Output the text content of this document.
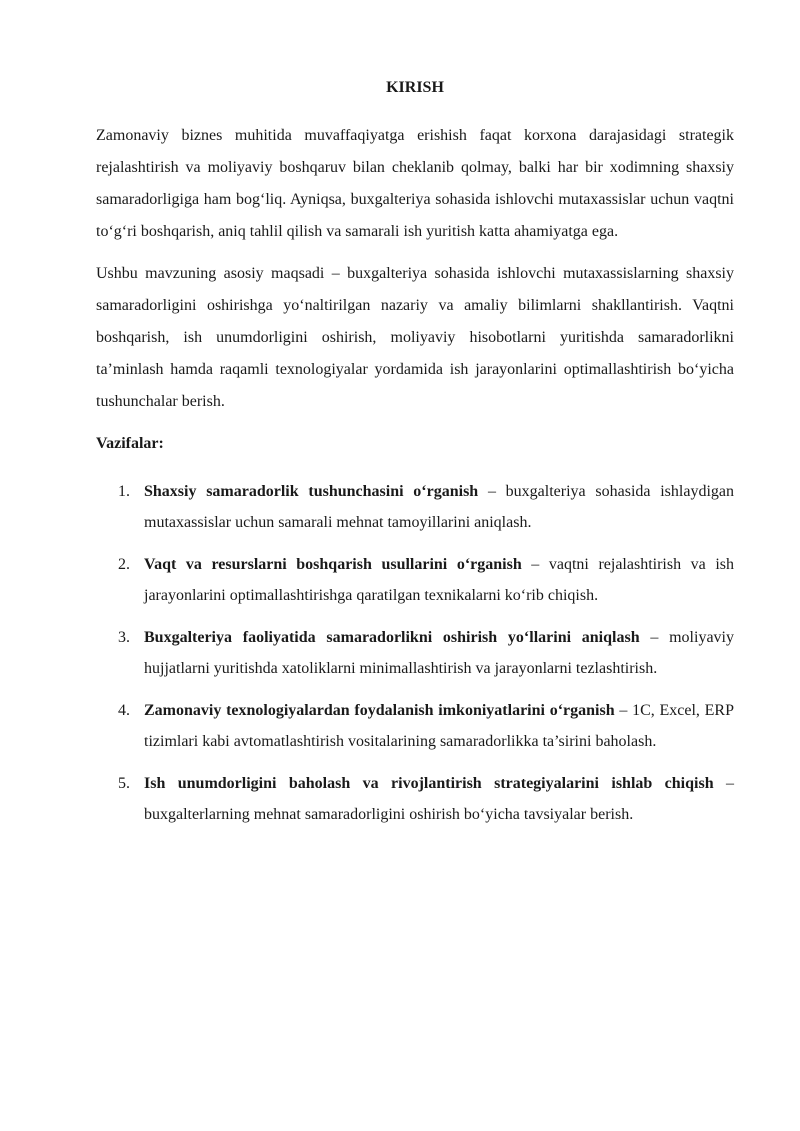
KIRISH

Zamonaviy biznes muhitida muvaffaqiyatga erishish faqat korxona darajasidagi strategik rejalashtirish va moliyaviy boshqaruv bilan cheklanib qolmay, balki har bir xodimning shaxsiy samaradorligiga ham bog‘liq. Ayniqsa, buxgalteriya sohasida ishlovchi mutaxassislar uchun vaqtni to‘g‘ri boshqarish, aniq tahlil qilish va samarali ish yuritish katta ahamiyatga ega.

Ushbu mavzuning asosiy maqsadi – buxgalteriya sohasida ishlovchi mutaxassislarning shaxsiy samaradorligini oshirishga yo‘naltirilgan nazariy va amaliy bilimlarni shakllantirish. Vaqtni boshqarish, ish unumdorligini oshirish, moliyaviy hisobotlarni yuritishda samaradorlikni ta’minlash hamda raqamli texnologiyalar yordamida ish jarayonlarini optimallashtirish bo‘yicha tushunchalar berish.

Vazifalar:
1. Shaxsiy samaradorlik tushunchasini o‘rganish – buxgalteriya sohasida ishlaydigan mutaxassislar uchun samarali mehnat tamoyillarini aniqlash.
2. Vaqt va resurslarni boshqarish usullarini o‘rganish – vaqtni rejalashtirish va ish jarayonlarini optimallashtirishga qaratilgan texnikalarni ko‘rib chiqish.
3. Buxgalteriya faoliyatida samaradorlikni oshirish yo‘llarini aniqlash – moliyaviy hujjatlarni yuritishda xatoliklarni minimallashtirish va jarayonlarni tezlashtirish.
4. Zamonaviy texnologiyalardan foydalanish imkoniyatlarini o‘rganish – 1C, Excel, ERP tizimlari kabi avtomatlashtirish vositalarining samaradorlikka ta’sirini baholash.
5. Ish unumdorligini baholash va rivojlantirish strategiyalarini ishlab chiqish – buxgalterlarning mehnat samaradorligini oshirish bo‘yicha tavsiyalar berish.
